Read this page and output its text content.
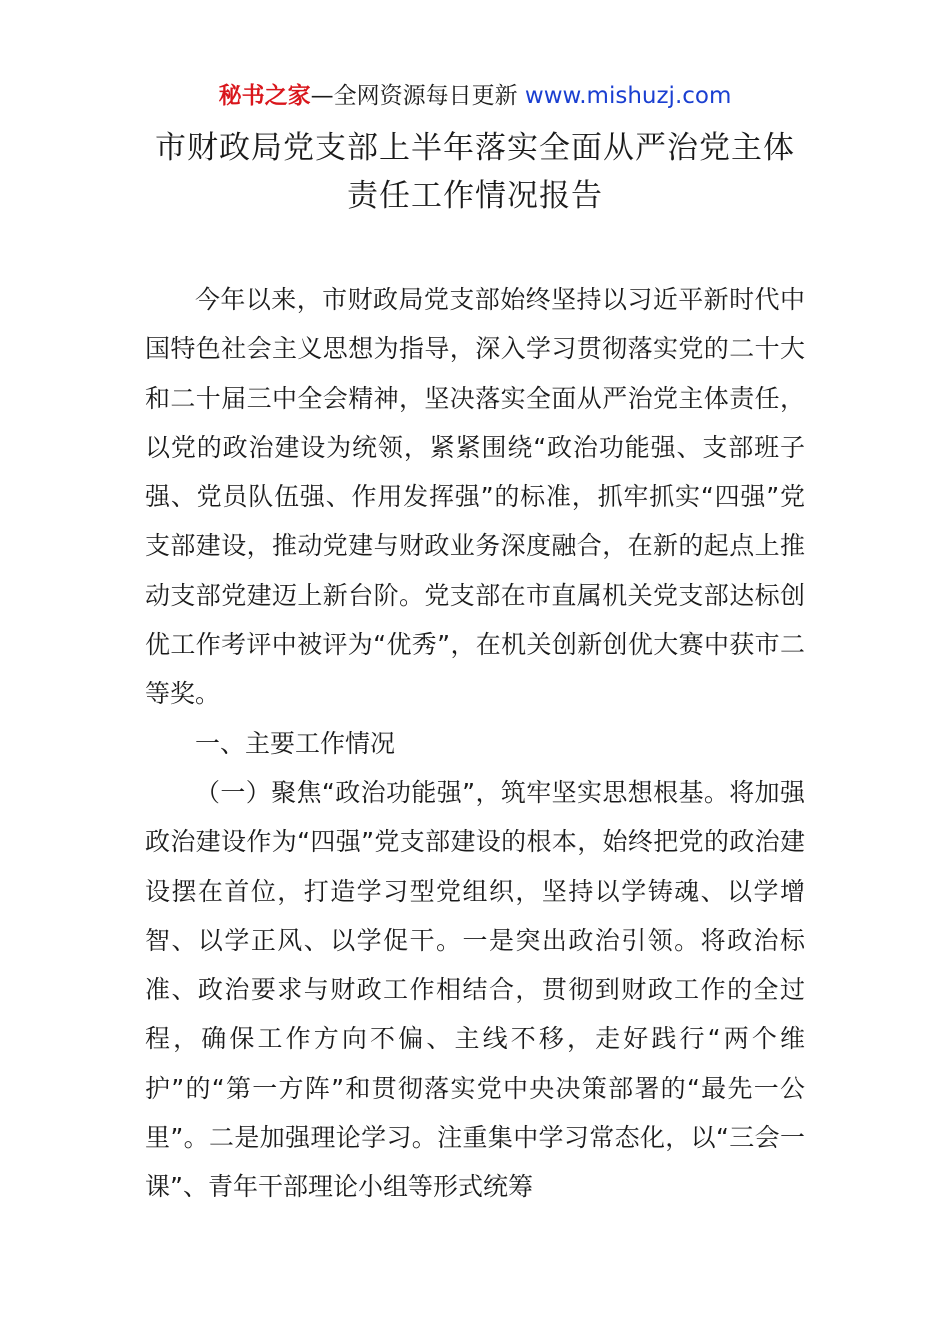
秘书之家—全网资源每日更新 www.mishuzj.com
市财政局党支部上半年落实全面从严治党主体
责任工作情况报告

今年以来，市财政局党支部始终坚持以习近平新时代中国特色社会主义思想为指导，深入学习贯彻落实党的二十大和二十届三中全会精神，坚决落实全面从严治党主体责任，以党的政治建设为统领，紧紧围绕“政治功能强、支部班子强、党员队伍强、作用发挥强”的标准，抓牢抓实“四强”党支部建设，推动党建与财政业务深度融合，在新的起点上推动支部党建迈上新台阶。党支部在市直属机关党支部达标创优工作考评中被评为“优秀”，在机关创新创优大赛中获市二等奖。

一、主要工作情况

（一）聚焦“政治功能强”，筑牢坚实思想根基。将加强政治建设作为“四强”党支部建设的根本，始终把党的政治建设摆在首位，打造学习型党组织，坚持以学铸魂、以学增智、以学正风、以学促干。一是突出政治引领。将政治标准、政治要求与财政工作相结合，贯彻到财政工作的全过程，确保工作方向不偏、主线不移，走好践行“两个维护”的“第一方阵”和贯彻落实党中央决策部署的“最先一公里”。二是加强理论学习。注重集中学习常态化，以“三会一课”、青年干部理论小组等形式统筹
